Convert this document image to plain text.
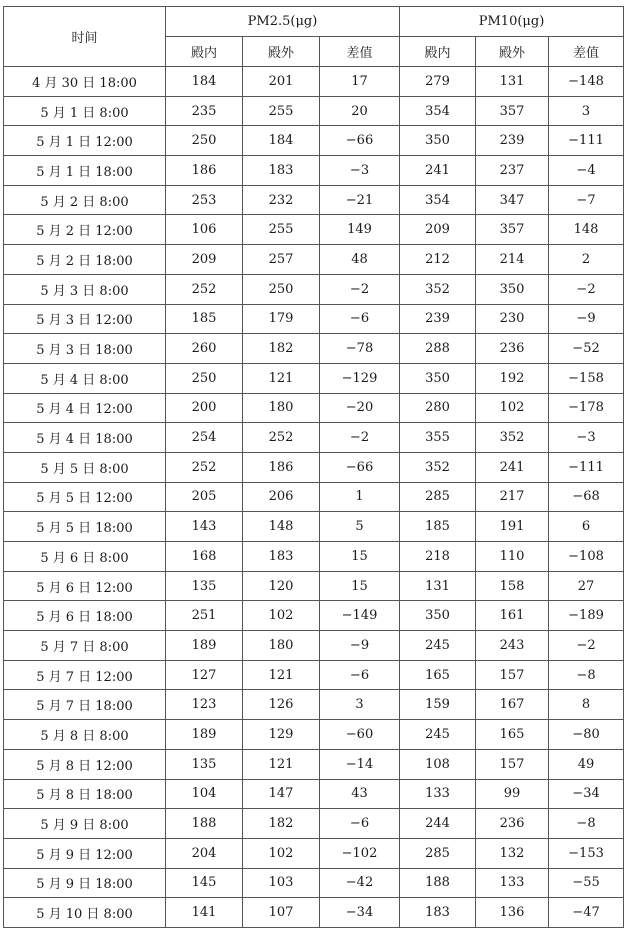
时间	PM2.5(μg)			PM10(μg)		
	殿内	殿外	差值	殿内	殿外	差值
4 月 30 日 18:00	184	201	17	279	131	−148
5 月 1 日 8:00	235	255	20	354	357	3
5 月 1 日 12:00	250	184	−66	350	239	−111
5 月 1 日 18:00	186	183	−3	241	237	−4
5 月 2 日 8:00	253	232	−21	354	347	−7
5 月 2 日 12:00	106	255	149	209	357	148
5 月 2 日 18:00	209	257	48	212	214	2
5 月 3 日 8:00	252	250	−2	352	350	−2
5 月 3 日 12:00	185	179	−6	239	230	−9
5 月 3 日 18:00	260	182	−78	288	236	−52
5 月 4 日 8:00	250	121	−129	350	192	−158
5 月 4 日 12:00	200	180	−20	280	102	−178
5 月 4 日 18:00	254	252	−2	355	352	−3
5 月 5 日 8:00	252	186	−66	352	241	−111
5 月 5 日 12:00	205	206	1	285	217	−68
5 月 5 日 18:00	143	148	5	185	191	6
5 月 6 日 8:00	168	183	15	218	110	−108
5 月 6 日 12:00	135	120	15	131	158	27
5 月 6 日 18:00	251	102	−149	350	161	−189
5 月 7 日 8:00	189	180	−9	245	243	−2
5 月 7 日 12:00	127	121	−6	165	157	−8
5 月 7 日 18:00	123	126	3	159	167	8
5 月 8 日 8:00	189	129	−60	245	165	−80
5 月 8 日 12:00	135	121	−14	108	157	49
5 月 8 日 18:00	104	147	43	133	99	−34
5 月 9 日 8:00	188	182	−6	244	236	−8
5 月 9 日 12:00	204	102	−102	285	132	−153
5 月 9 日 18:00	145	103	−42	188	133	−55
5 月 10 日 8:00	141	107	−34	183	136	−47
